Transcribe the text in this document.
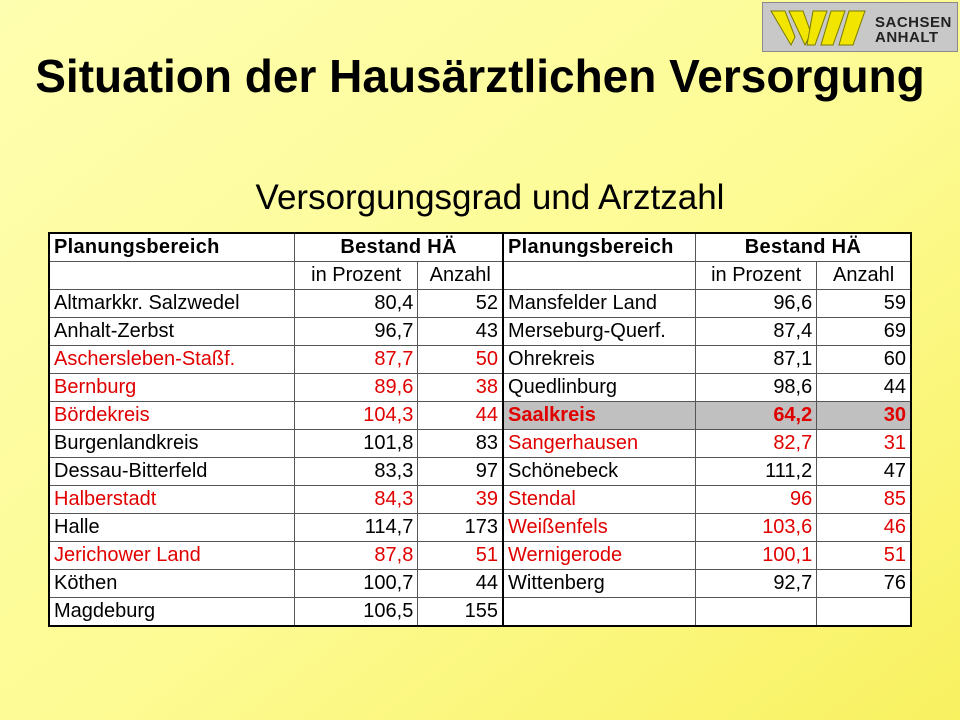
SACHSEN
ANHALT
Situation der Hausärztlichen Versorgung
Versorgungsgrad und Arztzahl
Planungsbereich	Bestand HÄ		Planungsbereich	Bestand HÄ	
	in Prozent	Anzahl		in Prozent	Anzahl
Altmarkkr. Salzwedel	80,4	52	Mansfelder Land	96,6	59
Anhalt-Zerbst	96,7	43	Merseburg-Querf.	87,4	69
Aschersleben-Staßf.	87,7	50	Ohrekreis	87,1	60
Bernburg	89,6	38	Quedlinburg	98,6	44
Bördekreis	104,3	44	Saalkreis	64,2	30
Burgenlandkreis	101,8	83	Sangerhausen	82,7	31
Dessau-Bitterfeld	83,3	97	Schönebeck	111,2	47
Halberstadt	84,3	39	Stendal	96	85
Halle	114,7	173	Weißenfels	103,6	46
Jerichower Land	87,8	51	Wernigerode	100,1	51
Köthen	100,7	44	Wittenberg	92,7	76
Magdeburg	106,5	155			
